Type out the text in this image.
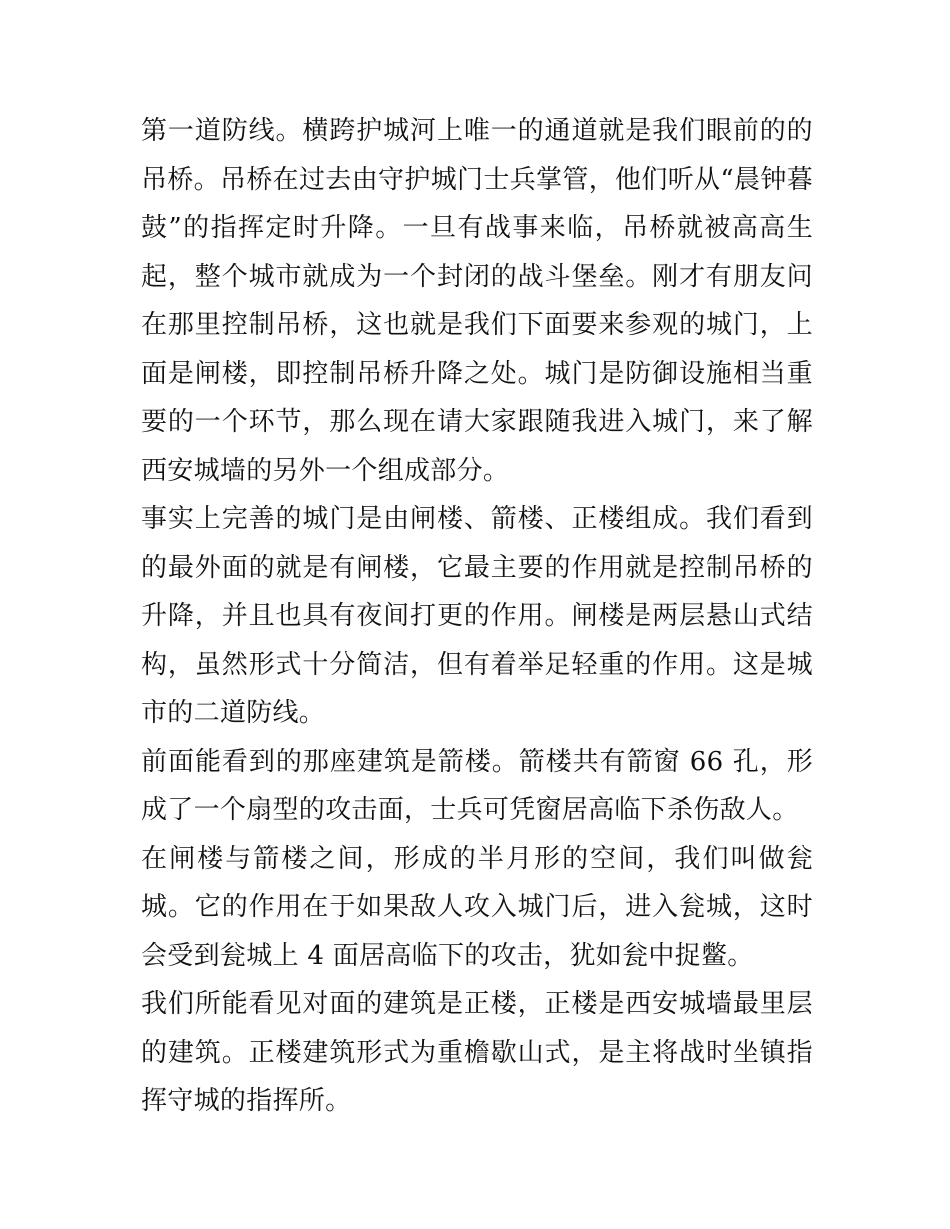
第一道防线。横跨护城河上唯一的通道就是我们眼前的的吊桥。吊桥在过去由守护城门士兵掌管，他们听从“晨钟暮鼓”的指挥定时升降。一旦有战事来临，吊桥就被高高生起，整个城市就成为一个封闭的战斗堡垒。刚才有朋友问在那里控制吊桥，这也就是我们下面要来参观的城门，上面是闸楼，即控制吊桥升降之处。城门是防御设施相当重要的一个环节，那么现在请大家跟随我进入城门，来了解西安城墙的另外一个组成部分。

事实上完善的城门是由闸楼、箭楼、正楼组成。我们看到的最外面的就是有闸楼，它最主要的作用就是控制吊桥的升降，并且也具有夜间打更的作用。闸楼是两层悬山式结构，虽然形式十分简洁，但有着举足轻重的作用。这是城市的二道防线。

前面能看到的那座建筑是箭楼。箭楼共有箭窗 66 孔，形成了一个扇型的攻击面，士兵可凭窗居高临下杀伤敌人。

在闸楼与箭楼之间，形成的半月形的空间，我们叫做瓮城。它的作用在于如果敌人攻入城门后，进入瓮城，这时会受到瓮城上 4 面居高临下的攻击，犹如瓮中捉鳖。

我们所能看见对面的建筑是正楼，正楼是西安城墙最里层的建筑。正楼建筑形式为重檐歇山式，是主将战时坐镇指挥守城的指挥所。
